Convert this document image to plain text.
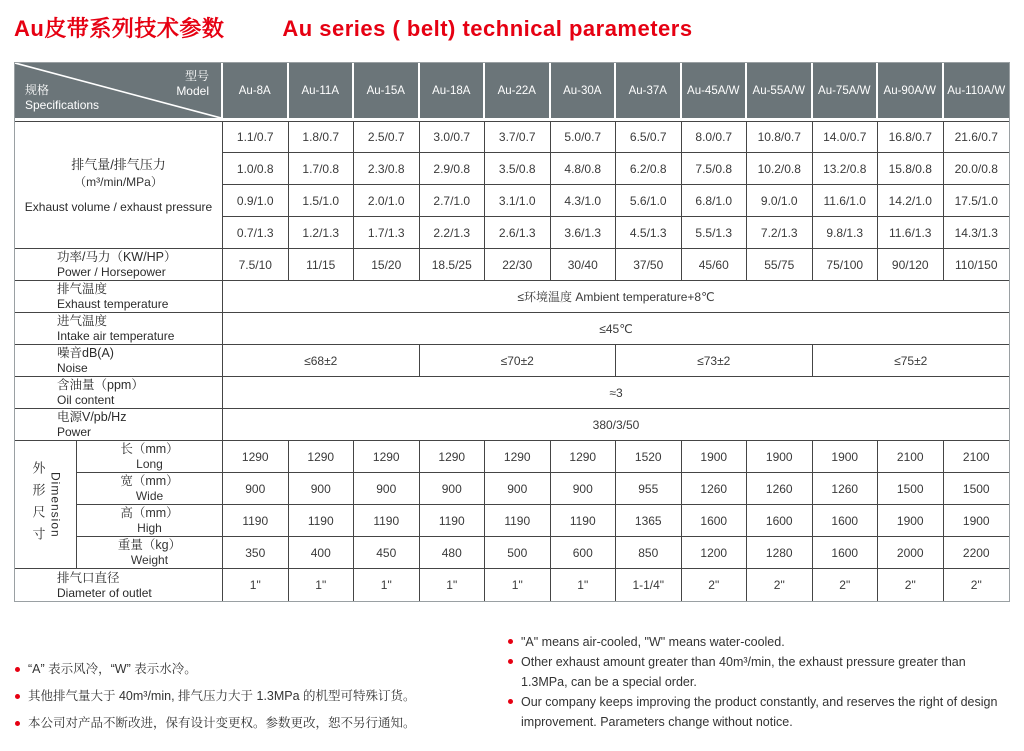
Au皮带系列技术参数	Au series ( belt) technical parameters
型号
Model
规格
Specifications		Au-8A	Au-11A	Au-15A	Au-18A	Au-22A	Au-30A	Au-37A	Au-45A/W	Au-55A/W	Au-75A/W	Au-90A/W	Au-110A/W

排气量/排气压力
（m³/min/MPa）
Exhaust volume / exhaust pressure		1.1/0.7	1.8/0.7	2.5/0.7	3.0/0.7	3.7/0.7	5.0/0.7	6.5/0.7	8.0/0.7	10.8/0.7	14.0/0.7	16.8/0.7	21.6/0.7
		1.0/0.8	1.7/0.8	2.3/0.8	2.9/0.8	3.5/0.8	4.8/0.8	6.2/0.8	7.5/0.8	10.2/0.8	13.2/0.8	15.8/0.8	20.0/0.8
		0.9/1.0	1.5/1.0	2.0/1.0	2.7/1.0	3.1/1.0	4.3/1.0	5.6/1.0	6.8/1.0	9.0/1.0	11.6/1.0	14.2/1.0	17.5/1.0
		0.7/1.3	1.2/1.3	1.7/1.3	2.2/1.3	2.6/1.3	3.6/1.3	4.5/1.3	5.5/1.3	7.2/1.3	9.8/1.3	11.6/1.3	14.3/1.3

功率/马力（KW/HP）
Power / Horsepower		7.5/10	11/15	15/20	18.5/25	22/30	30/40	37/50	45/60	55/75	75/100	90/120	110/150

排气温度
Exhaust temperature		≤环境温度 Ambient temperature+8℃											

进气温度
Intake air temperature		≤45℃											

噪音dB(A)
Noise		≤68±2			≤70±2			≤73±2			≤75±2		

含油量（ppm）
Oil content		≈3											

电源V/pb/Hz
Power		380/3/50											

外形尺寸 Dimension	长（mm）
Long	1290	1290	1290	1290	1290	1290	1520	1900	1900	1900	2100	2100

	宽（mm）
Wide	900	900	900	900	900	900	955	1260	1260	1260	1500	1500

	高（mm）
High	1190	1190	1190	1190	1190	1190	1365	1600	1600	1600	1900	1900

	重量（kg）
Weight	350	400	450	480	500	600	850	1200	1280	1600	2000	2200

排气口直径
Diameter of outlet		1"	1"	1"	1"	1"	1"	1-1/4"	2"	2"	2"	2"	2"
“A” 表示风冷，“W” 表示水冷。
其他排气量大于 40m³/min, 排气压力大于 1.3MPa 的机型可特殊订货。
本公司对产品不断改进，保有设计变更权。参数更改，恕不另行通知。
"A" means air-cooled, "W" means water-cooled.
Other exhaust amount greater than 40m³/min, the exhaust pressure greater than 1.3MPa, can be a special order.
Our company keeps improving the product constantly, and reserves the right of design improvement. Parameters change without notice.
